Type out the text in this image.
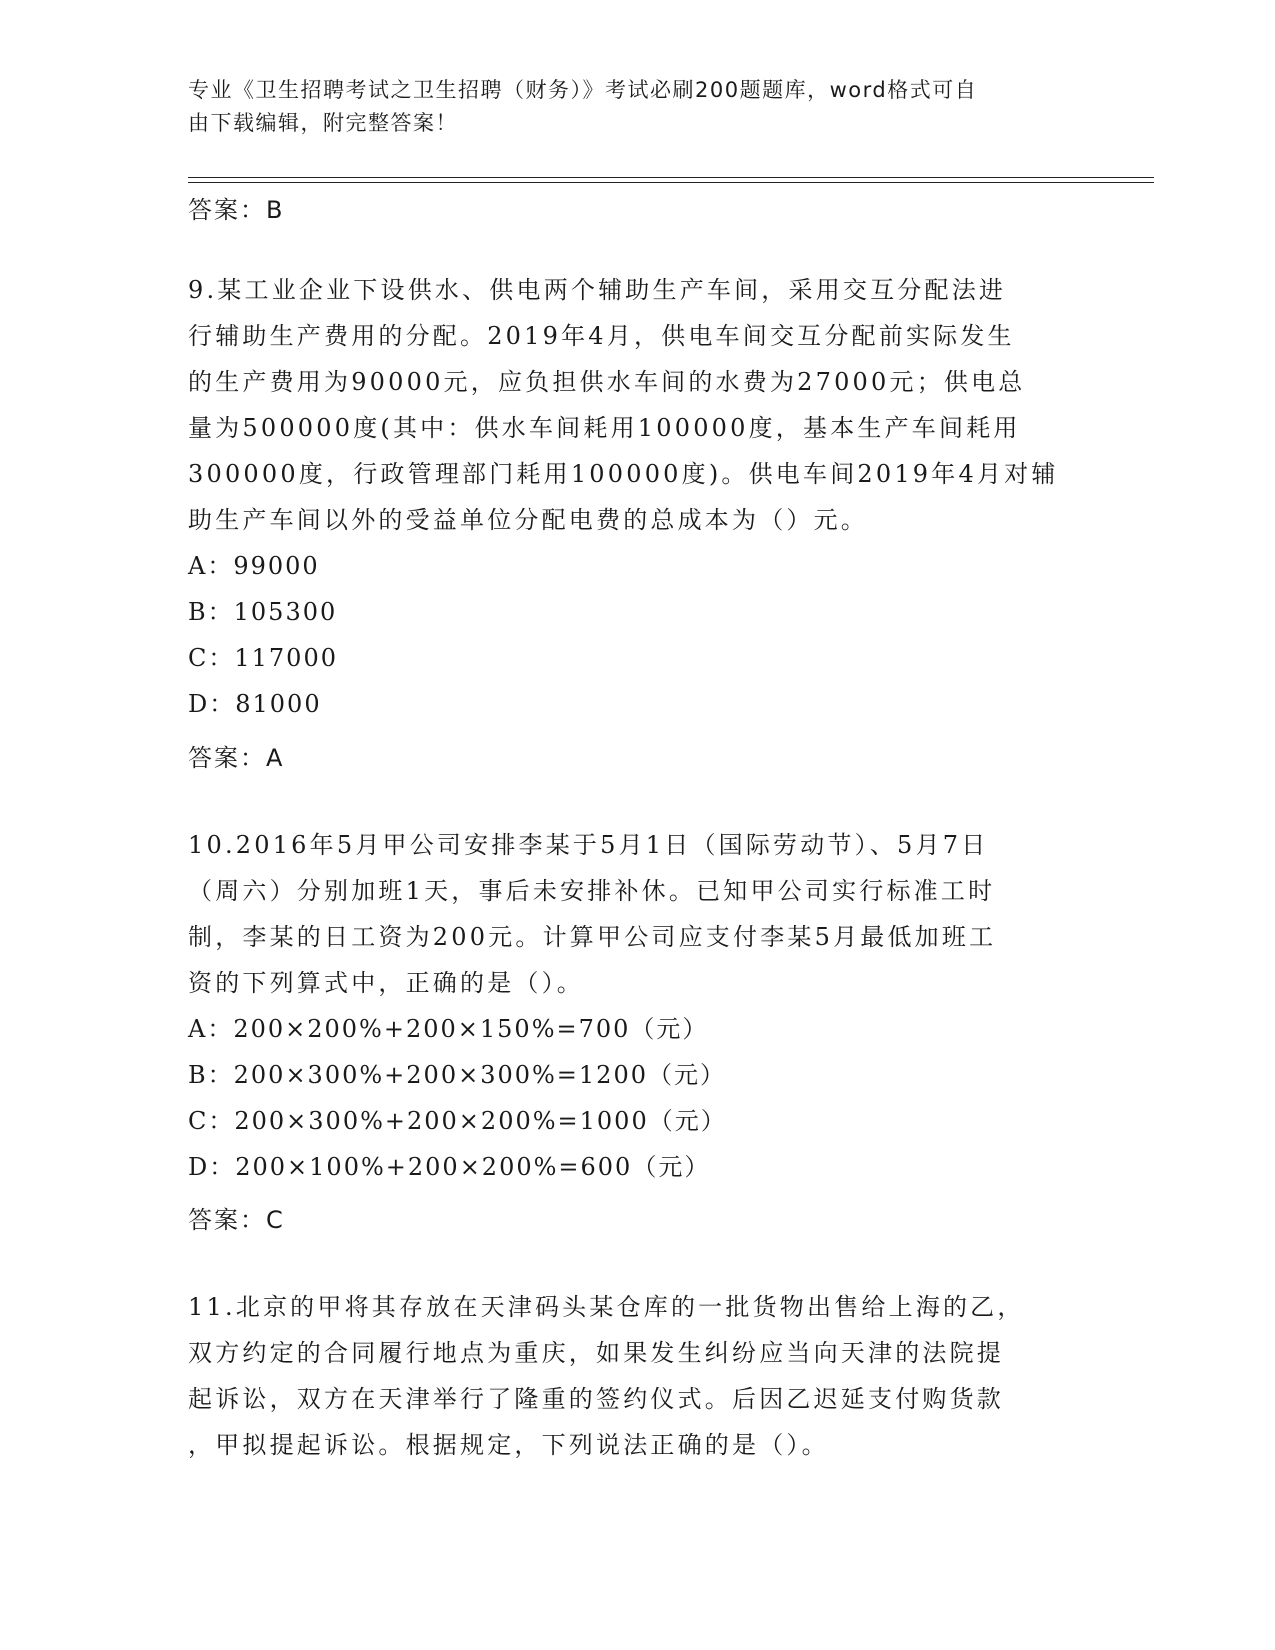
专业《卫生招聘考试之卫生招聘（财务）》考试必刷200题题库，word格式可自
由下载编辑，附完整答案！
答案：B
9.某工业企业下设供水、供电两个辅助生产车间，采用交互分配法进
行辅助生产费用的分配。2019年4月，供电车间交互分配前实际发生
的生产费用为90000元，应负担供水车间的水费为27000元；供电总
量为500000度(其中：供水车间耗用100000度，基本生产车间耗用
300000度，行政管理部门耗用100000度)。供电车间2019年4月对辅
助生产车间以外的受益单位分配电费的总成本为（）元。
A：99000
B：105300
C：117000
D：81000
答案：A
10.2016年5月甲公司安排李某于5月1日（国际劳动节）、5月7日
（周六）分别加班1天，事后未安排补休。已知甲公司实行标准工时
制，李某的日工资为200元。计算甲公司应支付李某5月最低加班工
资的下列算式中，正确的是（）。
A：200×200%+200×150%=700（元）
B：200×300%+200×300%=1200（元）
C：200×300%+200×200%=1000（元）
D：200×100%+200×200%=600（元）
答案：C
11.北京的甲将其存放在天津码头某仓库的一批货物出售给上海的乙，
双方约定的合同履行地点为重庆，如果发生纠纷应当向天津的法院提
起诉讼，双方在天津举行了隆重的签约仪式。后因乙迟延支付购货款
，甲拟提起诉讼。根据规定，下列说法正确的是（）。
